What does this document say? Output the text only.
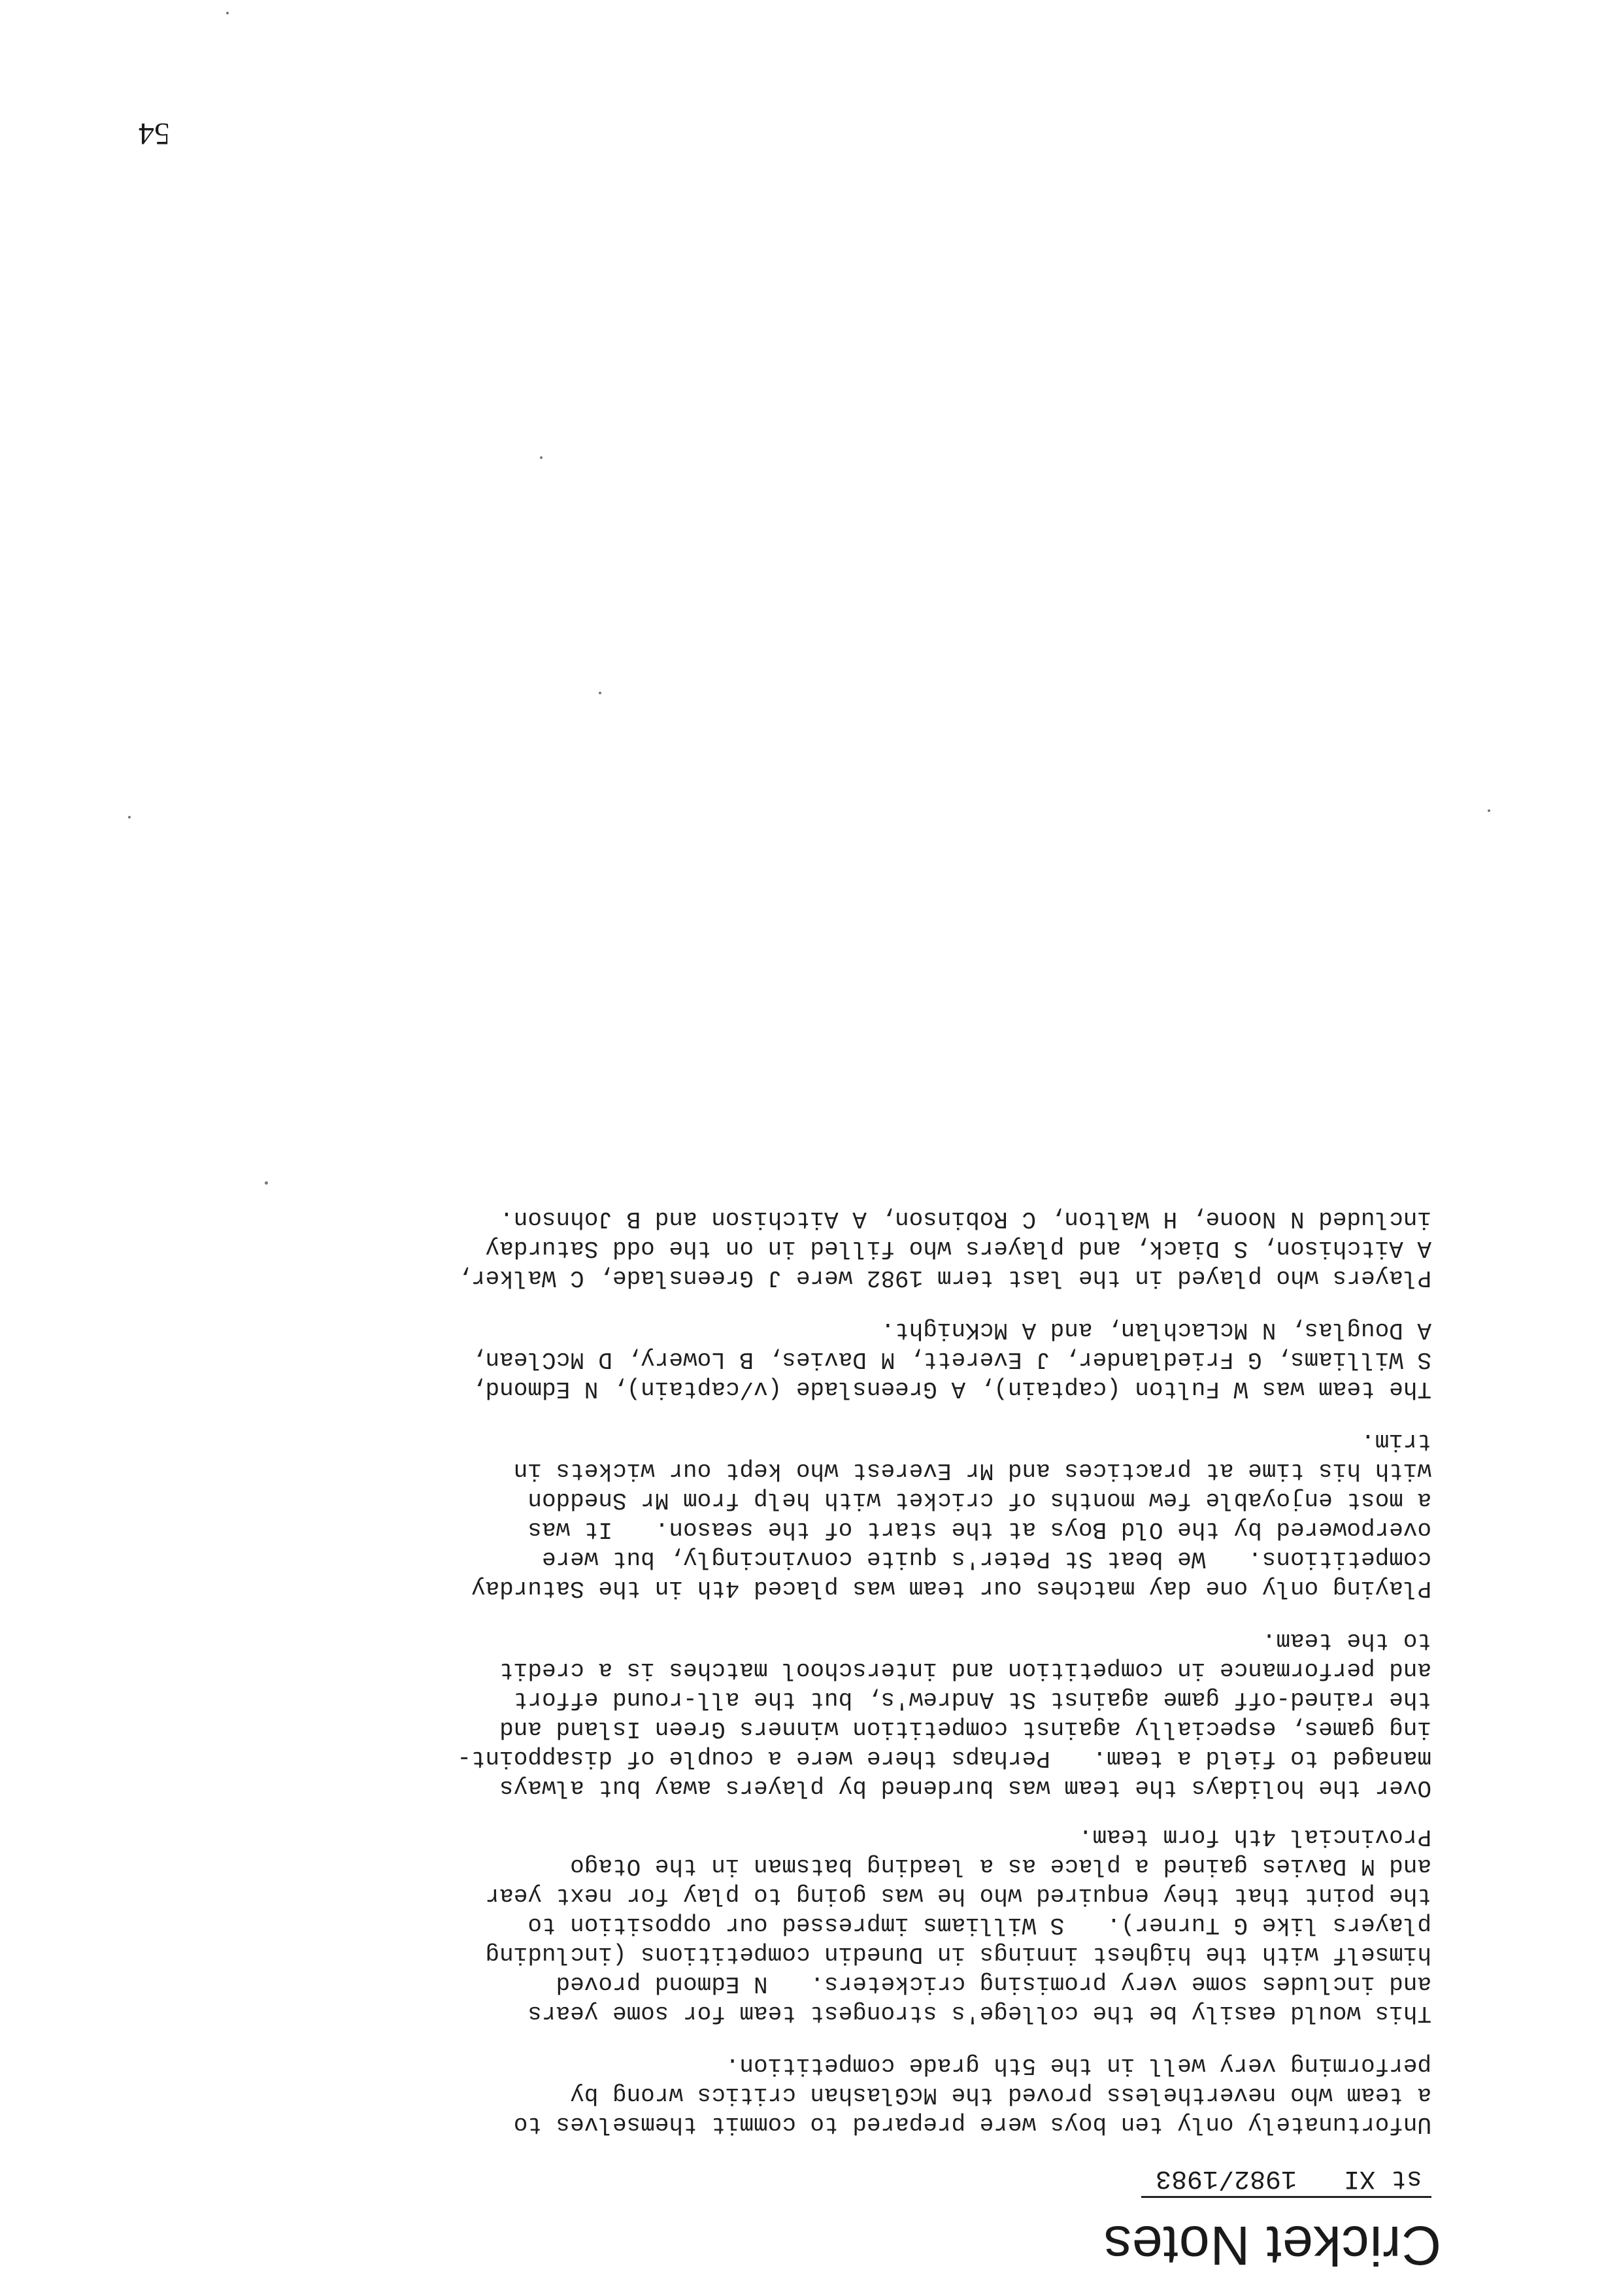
Cricket Notes
st XI   1982/1983
Unfortunately only ten boys were prepared to commit themselves to
a team who nevertheless proved the McGlashan critics wrong by
performing very well in the 5th grade competition.
This would easily be the college's strongest team for some years
and includes some very promising cricketers.   N Edmond proved
himself with the highest innings in Dunedin competitions (including
players like G Turner).   S Williams impressed our opposition to
the point that they enquired who he was going to play for next year
and M Davies gained a place as a leading batsman in the Otago
Provincial 4th form team.
Over the holidays the team was burdened by players away but always
managed to field a team.   Perhaps there were a couple of disappoint-
ing games, especially against competition winners Green Island and
the rained-off game against St Andrew's, but the all-round effort
and performance in competition and interschool matches is a credit
to the team.
Playing only one day matches our team was placed 4th in the Saturday
competitions.   We beat St Peter's quite convincingly, but were
overpowered by the Old Boys at the start of the season.   It was
a most enjoyable few months of cricket with help from Mr Sneddon
with his time at practices and Mr Everest who kept our wickets in
trim.
The team was W Fulton (captain), A Greenslade (v/captain), N Edmond,
S Williams, G Friedlander, J Everett, M Davies, B Lowery, D McClean,
A Douglas, N McLachlan, and A McKnight.
Players who played in the last term 1982 were J Greenslade, C Walker,
A Aitchison, S Diack, and players who filled in on the odd Saturday
included N Noone, H Walton, C Robinson, A Aitchison and B Johnson.
54
